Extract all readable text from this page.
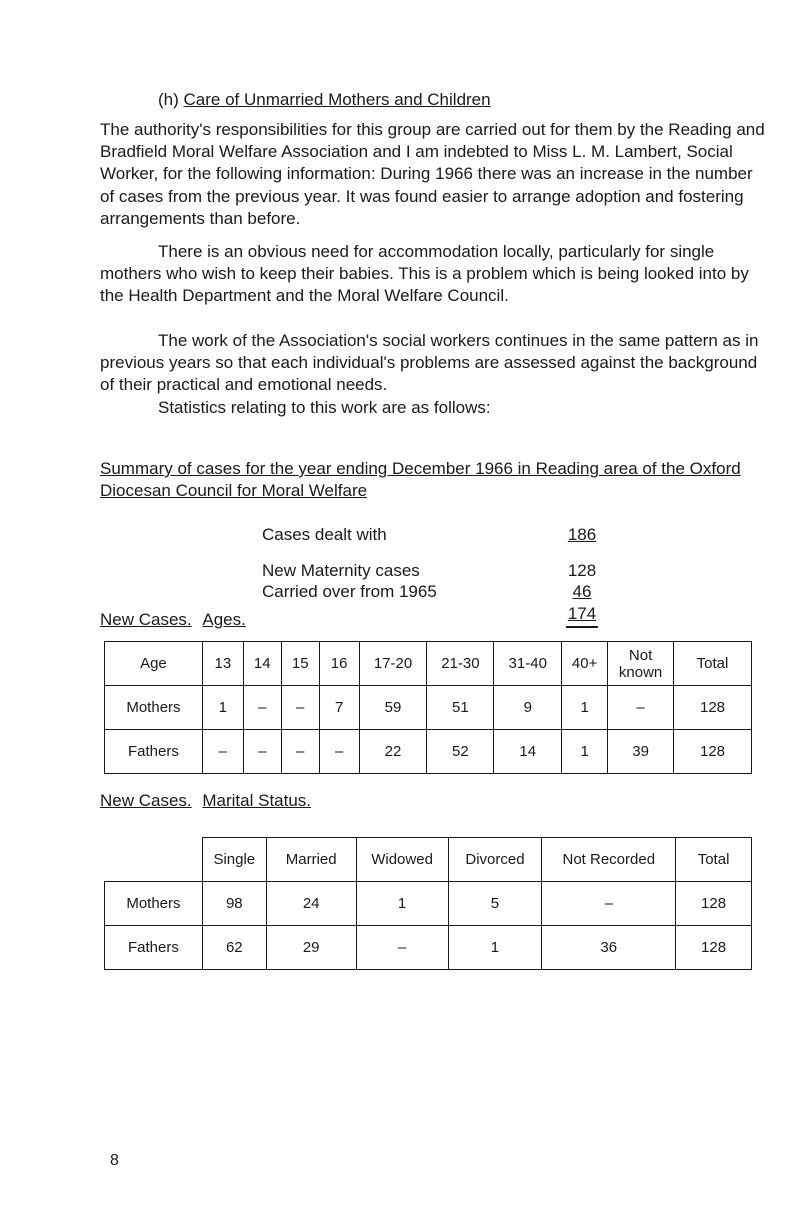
(h) Care of Unmarried Mothers and Children

The authority's responsibilities for this group are carried out for them by the Reading and Bradfield Moral Welfare Association and I am indebted to Miss L. M. Lambert, Social Worker, for the following information: During 1966 there was an increase in the number of cases from the previous year. It was found easier to arrange adoption and fostering arrangements than before.

There is an obvious need for accommodation locally, particularly for single mothers who wish to keep their babies. This is a problem which is being looked into by the Health Department and the Moral Welfare Council.

The work of the Association's social workers continues in the same pattern as in previous years so that each individual's problems are assessed against the background of their practical and emotional needs.

Statistics relating to this work are as follows:

Summary of cases for the year ending December 1966 in Reading area of the Oxford Diocesan Council for Moral Welfare
Cases dealt with	186
New Maternity cases	128
Carried over from 1965	46
174
New Cases. Ages.
Age	13	14	15	16	17-20	21-30	31-40	40+	Not known	Total
Mothers	1	–	–	7	59	51	9	1	–	128
Fathers	–	–	–	–	22	52	14	1	39	128
New Cases. Marital Status.
	Single	Married	Widowed	Divorced	Not Recorded	Total
Mothers	98	24	1	5	–	128
Fathers	62	29	–	1	36	128
8
